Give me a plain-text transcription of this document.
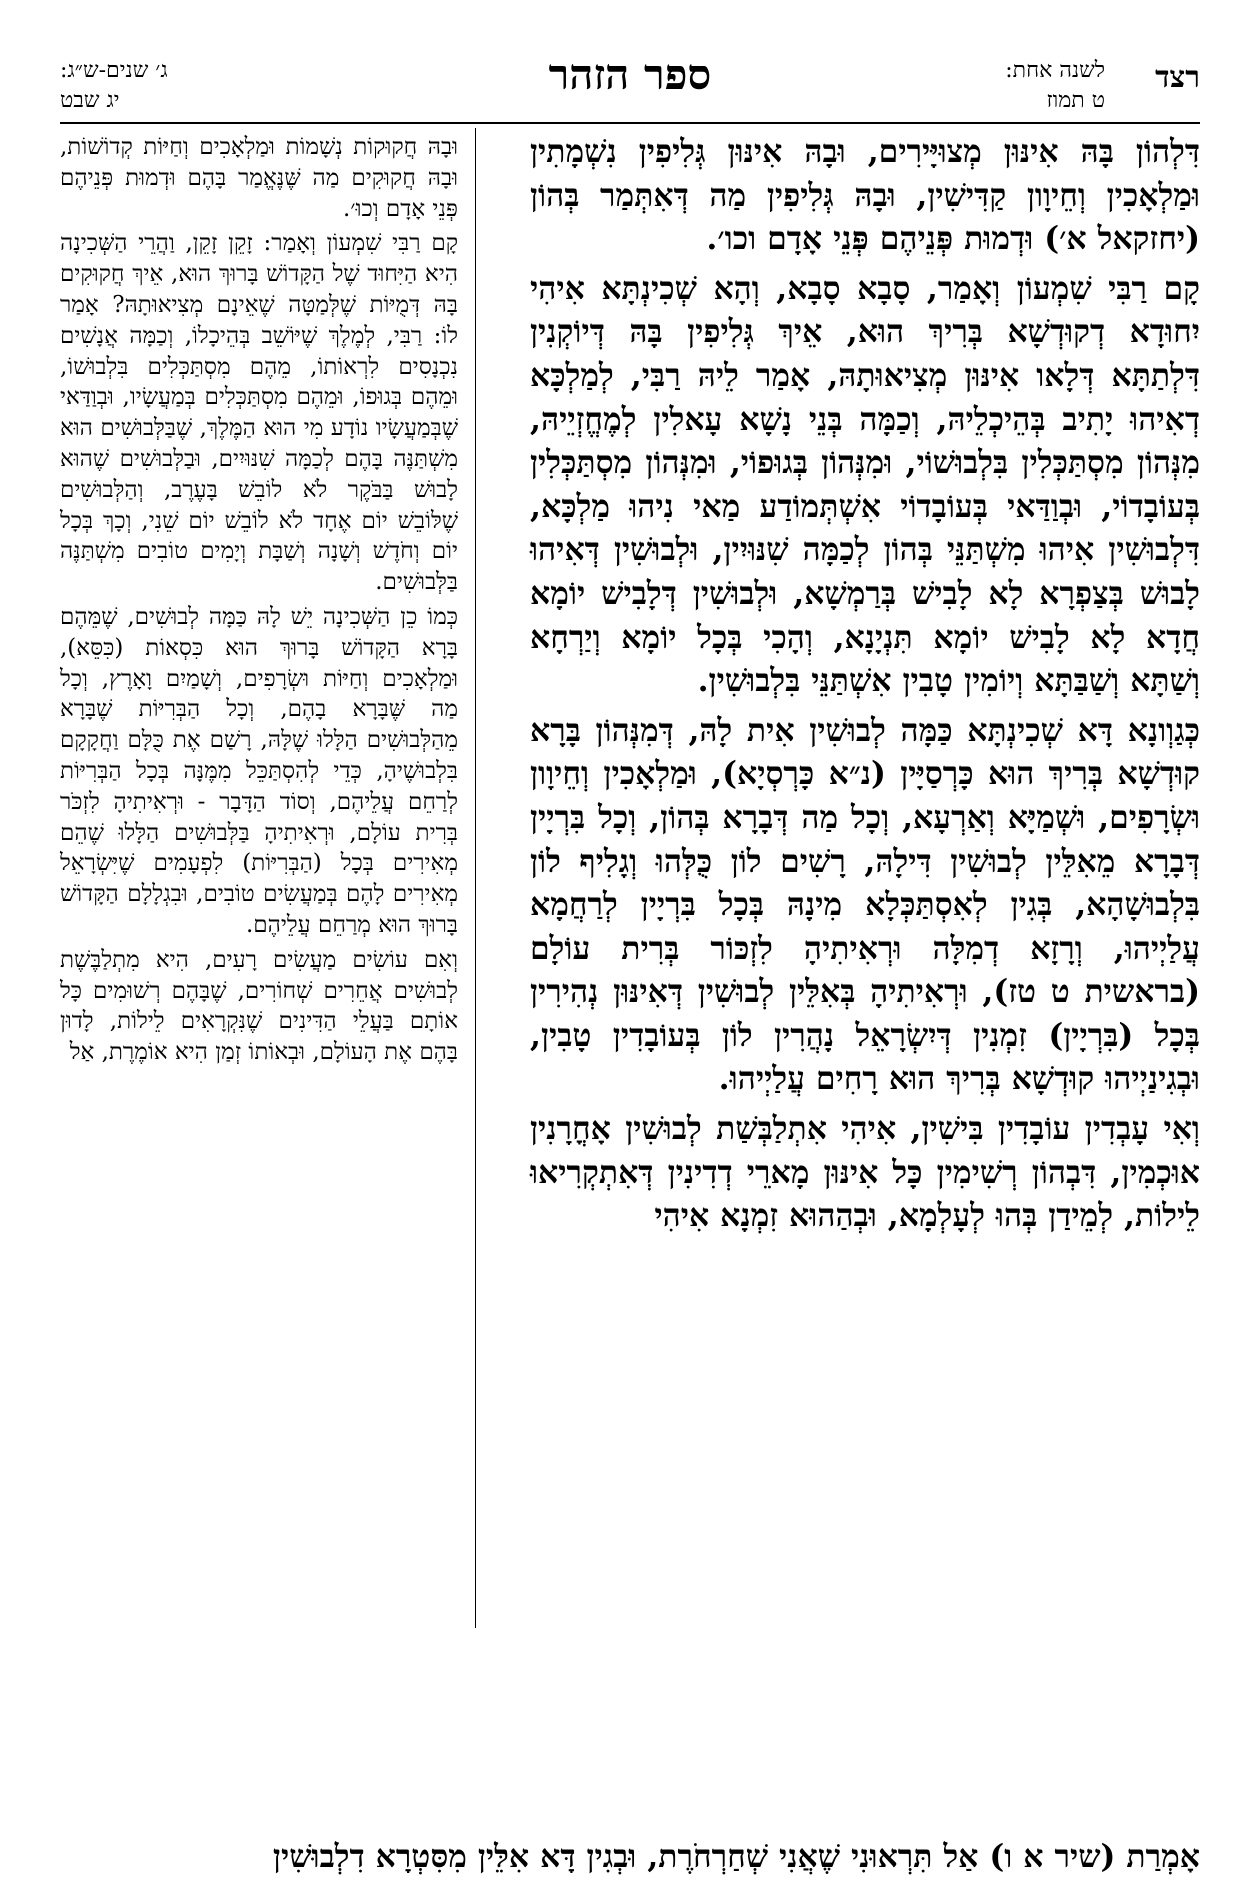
רצד
לשנה אחת:
ט תמוז
ספר הזהר
ג׳ שנים-ש״ג:
יג שבט

דִּלְהוֹן בָּהּ אִינּוּן מְצוּיָּירִים, וּבָהּ אִינּוּן גְּלִיפִין נִשְׁמָתִין וּמַלְאָכִין וְחֵיוָון קַדִּישִׁין, וּבָהּ גְּלִיפִין מַה דְּאִתְּמַר בְּהוֹן (יחזקאל א׳) וּדְמוּת פְּנֵיהֶם פְּנֵי אָדָם וכו׳.

קָם רַבִּי שִׁמְעוֹן וְאָמַר, סָבָא סָבָא, וְהָא שְׁכִינְתָּא אִיהִי יִחוּדָא דְקוּדְשָׁא בְּרִיךְ הוּא, אֵיךְ גְּלִיפִין בָּהּ דְּיוֹקְנִין דִּלְתַתָּא דְּלָאו אִינּוּן מְצִיאוּתָהּ, אָמַר לֵיהּ רַבִּי, לְמַלְכָּא דְאִיהוּ יָתִיב בְּהֵיכְלֵיהּ, וְכַמָּה בְּנֵי נָשָׁא עָאלִין לְמֶחֱזְיֵיהּ, מִנְּהוֹן מִסְתַּכְּלִין בִּלְבוּשׁוֹי, וּמִנְּהוֹן בְּגוּפוֹי, וּמִנְּהוֹן מִסְתַּכְּלִין בְּעוֹבָדוֹי, וּבְוַדַּאי בְּעוֹבָדוֹי אִשְׁתְּמוֹדַע מַאי נִיהוּ מַלְכָּא, דִּלְבוּשִׁין אִיהוּ מִשְׁתַּנֵּי בְּהוֹן לְכַמָּה שִׁנּוּיִין, וּלְבוּשִׁין דְּאִיהוּ לָבוּשׁ בְּצַפְרָא לָא לָבִישׁ בְּרַמְשָׁא, וּלְבוּשִׁין דְּלָבִישׁ יוֹמָא חֲדָא לָא לָבִישׁ יוֹמָא תִּנְיָנָא, וְהָכִי בְּכָל יוֹמָא וְיַרְחָא וְשַׁתָּא וְשַׁבַּתָּא וְיוֹמִין טָבִין אִשְׁתַּנֵּי בִּלְבוּשִׁין.

כְּגַוְונָא דָּא שְׁכִינְתָּא כַּמָּה לְבוּשִׁין אִית לָהּ, דְּמִנְּהוֹן בָּרָא קוּדְשָׁא בְּרִיךְ הוּא כָּרְסַיָּין (נ״א כָּרְסְיָא), וּמַלְאָכִין וְחֵיוָון וּשְׂרָפִים, וּשְׁמַיָּא וְאַרְעָא, וְכָל מַה דְּבָרָא בְּהוֹן, וְכָל בִּרְיָין דְּבָרָא מֵאִלֵּין לְבוּשִׁין דִּילָהּ, רָשִׁים לוֹן כֻּלְּהוּ וְגָלִיף לוֹן בִּלְבוּשָׁהָא, בְּגִין לְאִסְתַּכְּלָא מִינָהּ בְּכָל בִּרְיָין לְרַחֲמָא עֲלַיְיהוּ, וְרָזָא דְמִלָּה וּרְאִיתִיהָ לִזְכּוֹר בְּרִית עוֹלָם (בראשית ט טז), וּרְאִיתִיהָ בְּאִלֵּין לְבוּשִׁין דְּאִינּוּן נְהִירִין בְּכָל (בִּרְיָין) זִמְנִין דְּיִשְׂרָאֵל נָהֲרִין לוֹן בְּעוֹבָדִין טָבִין, וּבְגִינַיְיהוּ קוּדְשָׁא בְּרִיךְ הוּא רָחִים עֲלַיְיהוּ.

וְאִי עָבְדִין עוֹבָדִין בִּישִׁין, אִיהִי אִתְלַבְּשַׁת לְבוּשִׁין אָחֳרָנִין אוּכְמִין, דִּבְהוֹן רְשִׁימִין כָּל אִינּוּן מָארֵי דְדִינִין דְּאִתְקְרִיאוּ לֵילוֹת, לְמֵידַן בְּהוּ לְעָלְמָא, וּבְהַהוּא זִמְנָא אִיהִי

וּבָהּ חֲקוּקוֹת נְשָׁמוֹת וּמַלְאָכִים וְחַיּוֹת קְדוֹשׁוֹת, וּבָהּ חֲקוּקִים מַה שֶּׁנֶּאֱמַר בָּהֶם וּדְמוּת פְּנֵיהֶם פְּנֵי אָדָם וְכוּ׳.

קָם רַבִּי שִׁמְעוֹן וְאָמַר: זָקֵן זָקֵן, וַהֲרֵי הַשְּׁכִינָה הִיא הַיִּחוּד שֶׁל הַקָּדוֹשׁ בָּרוּךְ הוּא, אֵיךְ חֲקוּקִים בָּהּ דְּמֻיּוֹת שֶׁלְּמַטָּה שֶׁאֵינָם מְצִיאוּתָהּ? אָמַר לוֹ: רַבִּי, לְמֶלֶךְ שֶׁיּוֹשֵׁב בְּהֵיכָלוֹ, וְכַמָּה אֲנָשִׁים נִכְנָסִים לִרְאוֹתוֹ, מֵהֶם מִסְתַּכְּלִים בִּלְבוּשׁוֹ, וּמֵהֶם בְּגוּפוֹ, וּמֵהֶם מִסְתַּכְּלִים בְּמַעֲשָׂיו, וּבְוַדַּאי שֶׁבְּמַעֲשָׂיו נוֹדָע מִי הוּא הַמֶּלֶךְ, שֶׁבַּלְּבוּשִׁים הוּא מִשְׁתַּנֶּה בָּהֶם לְכַמָּה שִׁנּוּיִים, וּבַלְּבוּשִׁים שֶׁהוּא לָבוּשׁ בַּבֹּקֶר לֹא לוֹבֵשׁ בָּעֶרֶב, וְהַלְּבוּשִׁים שֶׁלּוֹבֵשׁ יוֹם אֶחָד לֹא לוֹבֵשׁ יוֹם שֵׁנִי, וְכָךְ בְּכָל יוֹם וְחֹדֶשׁ וְשָׁנָה וְשַׁבָּת וְיָמִים טוֹבִים מִשְׁתַּנֶּה בַּלְּבוּשִׁים.

כְּמוֹ כֵן הַשְּׁכִינָה יֵשׁ לָהּ כַּמָּה לְבוּשִׁים, שֶׁמֵּהֶם בָּרָא הַקָּדוֹשׁ בָּרוּךְ הוּא כִּסְאוֹת (כִּסֵּא), וּמַלְאָכִים וְחַיּוֹת וּשְׂרָפִים, וְשָׁמַיִם וָאָרֶץ, וְכָל מַה שֶּׁבָּרָא בָהֶם, וְכָל הַבְּרִיּוֹת שֶׁבָּרָא מֵהַלְּבוּשִׁים הַלָּלוּ שֶׁלָּהּ, רָשַׁם אֶת כֻּלָּם וַחֲקָקָם בִּלְבוּשֶׁיהָ, כְּדֵי לְהִסְתַּכֵּל מִמֶּנָּה בְּכָל הַבְּרִיּוֹת לְרַחֵם עֲלֵיהֶם, וְסוֹד הַדָּבָר - וּרְאִיתִיהָ לִזְכֹּר בְּרִית עוֹלָם, וּרְאִיתִיהָ בַּלְּבוּשִׁים הַלָּלוּ שֶׁהֵם מְאִירִים בְּכָל (הַבְּרִיּוֹת) לִפְעָמִים שֶׁיִּשְׂרָאֵל מְאִירִים לָהֶם בְּמַעֲשִׂים טוֹבִים, וּבִגְלָלָם הַקָּדוֹשׁ בָּרוּךְ הוּא מְרַחֵם עֲלֵיהֶם.

וְאִם עוֹשִׂים מַעֲשִׂים רָעִים, הִיא מִתְלַבֶּשֶׁת לְבוּשִׁים אֲחֵרִים שְׁחוֹרִים, שֶׁבָּהֶם רְשׁוּמִים כָּל אוֹתָם בַּעֲלֵי הַדִּינִים שֶׁנִּקְרָאִים לֵילוֹת, לָדוּן בָּהֶם אֶת הָעוֹלָם, וּבְאוֹתוֹ זְמַן הִיא אוֹמֶרֶת, אַל

אָמְרַת (שיר א ו) אַל תִּרְאוּנִי שֶׁאֲנִי שְׁחַרְחֹרֶת, וּבְגִין דָּא אִלֵּין מִסִּטְרָא דִלְבוּשִׁין
